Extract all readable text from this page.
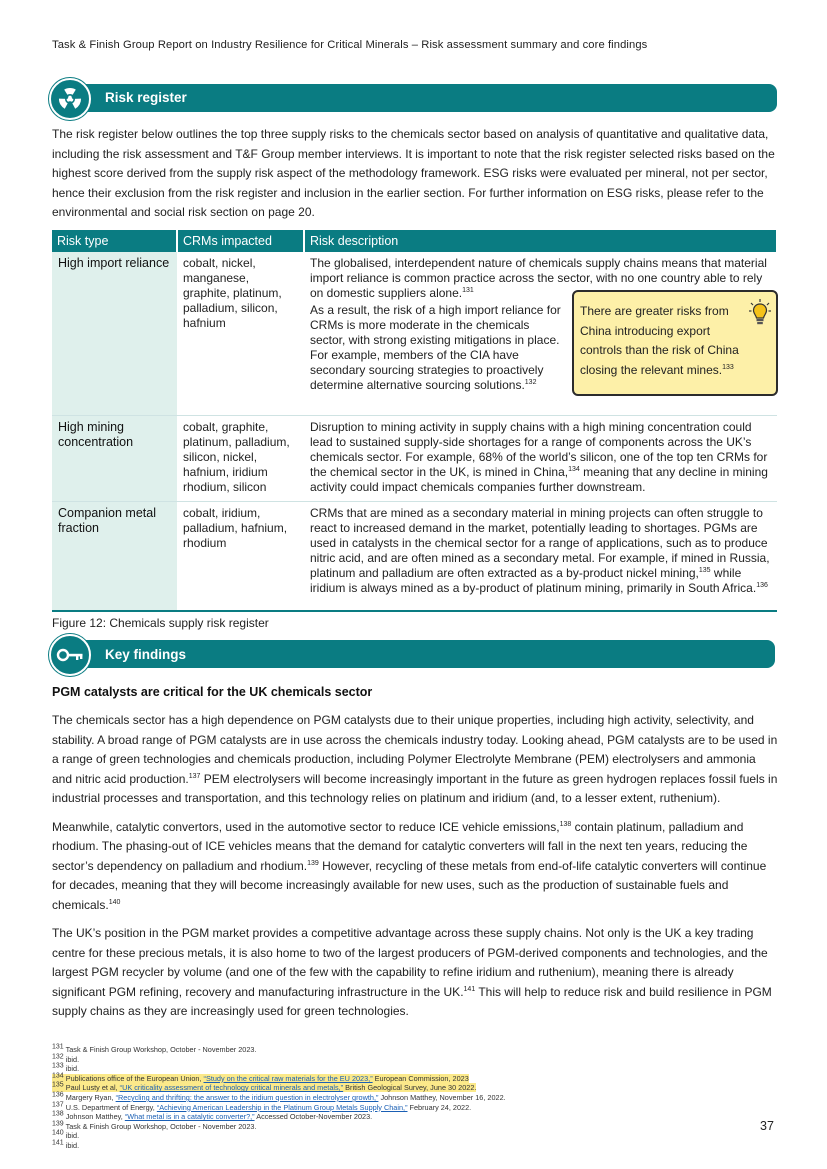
Task & Finish Group Report on Industry Resilience for Critical Minerals – Risk assessment summary and core findings
Risk register

The risk register below outlines the top three supply risks to the chemicals sector based on analysis of quantitative and qualitative data, including the risk assessment and T&F Group member interviews. It is important to note that the risk register selected risks based on the highest score derived from the supply risk aspect of the methodology framework. ESG risks were evaluated per mineral, not per sector, hence their exclusion from the risk register and inclusion in the earlier section. For further information on ESG risks, please refer to the environmental and social risk section on page 20.

Risk type	CRMs impacted	Risk description
High import reliance	cobalt, nickel, manganese, graphite, platinum, palladium, silicon, hafnium	The globalised, interdependent nature of chemicals supply chains means that material import reliance is common practice across the sector, with no one country able to rely on domestic suppliers alone.$^{131}$
As a result, the risk of a high import reliance for CRMs is more moderate in the chemicals sector, with strong existing mitigations in place. For example, members of the CIA have secondary sourcing strategies to proactively determine alternative sourcing solutions.$^{132}$

High mining concentration	cobalt, graphite, platinum, palladium, silicon, nickel, hafnium, iridium rhodium, silicon	Disruption to mining activity in supply chains with a high mining concentration could lead to sustained supply-side shortages for a range of components across the UK’s chemicals sector. For example, 68% of the world’s silicon, one of the top ten CRMs for the chemical sector in the UK, is mined in China,$^{134}$ meaning that any decline in mining activity could impact chemicals companies further downstream.
Companion metal fraction	cobalt, iridium, palladium, hafnium, rhodium	CRMs that are mined as a secondary material in mining projects can often struggle to react to increased demand in the market, potentially leading to shortages. PGMs are used in catalysts in the chemical sector for a range of applications, such as to produce nitric acid, and are often mined as a secondary metal. For example, if mined in Russia, platinum and palladium are often extracted as a by-product nickel mining,$^{135}$ while iridium is always mined as a by-product of platinum mining, primarily in South Africa.$^{136}$
There are greater risks from China introducing export controls than the risk of China closing the relevant mines.$^{133}$
Figure 12: Chemicals supply risk register
Key findings
PGM catalysts are critical for the UK chemicals sector

The chemicals sector has a high dependence on PGM catalysts due to their unique properties, including high activity, selectivity, and stability. A broad range of PGM catalysts are in use across the chemicals industry today. Looking ahead, PGM catalysts are to be used in a range of green technologies and chemicals production, including Polymer Electrolyte Membrane (PEM) electrolysers and ammonia and nitric acid production.$^{137}$ PEM electrolysers will become increasingly important in the future as green hydrogen replaces fossil fuels in industrial processes and transportation, and this technology relies on platinum and iridium (and, to a lesser extent, ruthenium).

Meanwhile, catalytic convertors, used in the automotive sector to reduce ICE vehicle emissions,$^{138}$ contain platinum, palladium and rhodium. The phasing-out of ICE vehicles means that the demand for catalytic converters will fall in the next ten years, reducing the sector’s dependency on palladium and rhodium.$^{139}$ However, recycling of these metals from end-of-life catalytic converters will continue for decades, meaning that they will become increasingly available for new uses, such as the production of sustainable fuels and chemicals.$^{140}$

The UK’s position in the PGM market provides a competitive advantage across these supply chains. Not only is the UK a key trading centre for these precious metals, it is also home to two of the largest producers of PGM-derived components and technologies, and the largest PGM recycler by volume (and one of the few with the capability to refine iridium and ruthenium), meaning there is already significant PGM refining, recovery and manufacturing infrastructure in the UK.$^{141}$ This will help to reduce risk and build resilience in PGM supply chains as they are increasingly used for green technologies.

$^{131}$ Task & Finish Group Workshop, October - November 2023.
$^{132}$ ibid.
$^{133}$ ibid.
$^{134}$ Publications office of the European Union, “Study on the critical raw materials for the EU 2023,” European Commission, 2023
$^{135}$ Paul Lusty et al, “UK criticality assessment of technology critical minerals and metals,” British Geological Survey, June 30 2022.
$^{136}$ Margery Ryan, “Recycling and thrifting: the answer to the iridium question in electrolyser growth,” Johnson Matthey, November 16, 2022.
$^{137}$ U.S. Department of Energy, “Achieving American Leadership in the Platinum Group Metals Supply Chain,” February 24, 2022.
$^{138}$ Johnson Matthey, “What metal is in a catalytic converter?,” Accessed October-November 2023.
$^{139}$ Task & Finish Group Workshop, October - November 2023.
$^{140}$ ibid.
$^{141}$ ibid.
37
